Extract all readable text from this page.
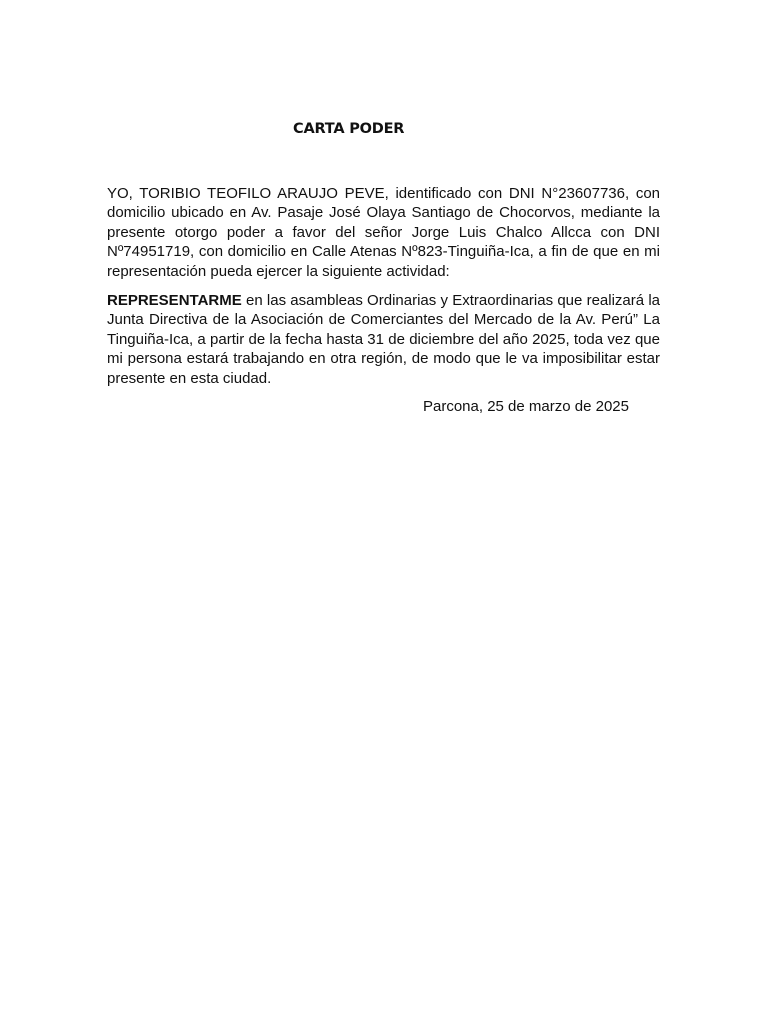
CARTA PODER
YO, TORIBIO TEOFILO ARAUJO PEVE, identificado con DNI N°23607736, con domicilio ubicado en Av. Pasaje José Olaya Santiago de Chocorvos, mediante la presente otorgo poder a favor del señor Jorge Luis Chalco Allcca con DNI Nº74951719, con domicilio en Calle Atenas Nº823-Tinguiña-Ica, a fin de que en mi representación pueda ejercer la siguiente actividad:
REPRESENTARME en las asambleas Ordinarias y Extraordinarias que realizará la Junta Directiva de la Asociación de Comerciantes del Mercado de la Av. Perú” La Tinguiña-Ica, a partir de la fecha hasta 31 de diciembre del año 2025, toda vez que mi persona estará trabajando en otra región, de modo que le va imposibilitar estar presente en esta ciudad.
Parcona, 25 de marzo de 2025
